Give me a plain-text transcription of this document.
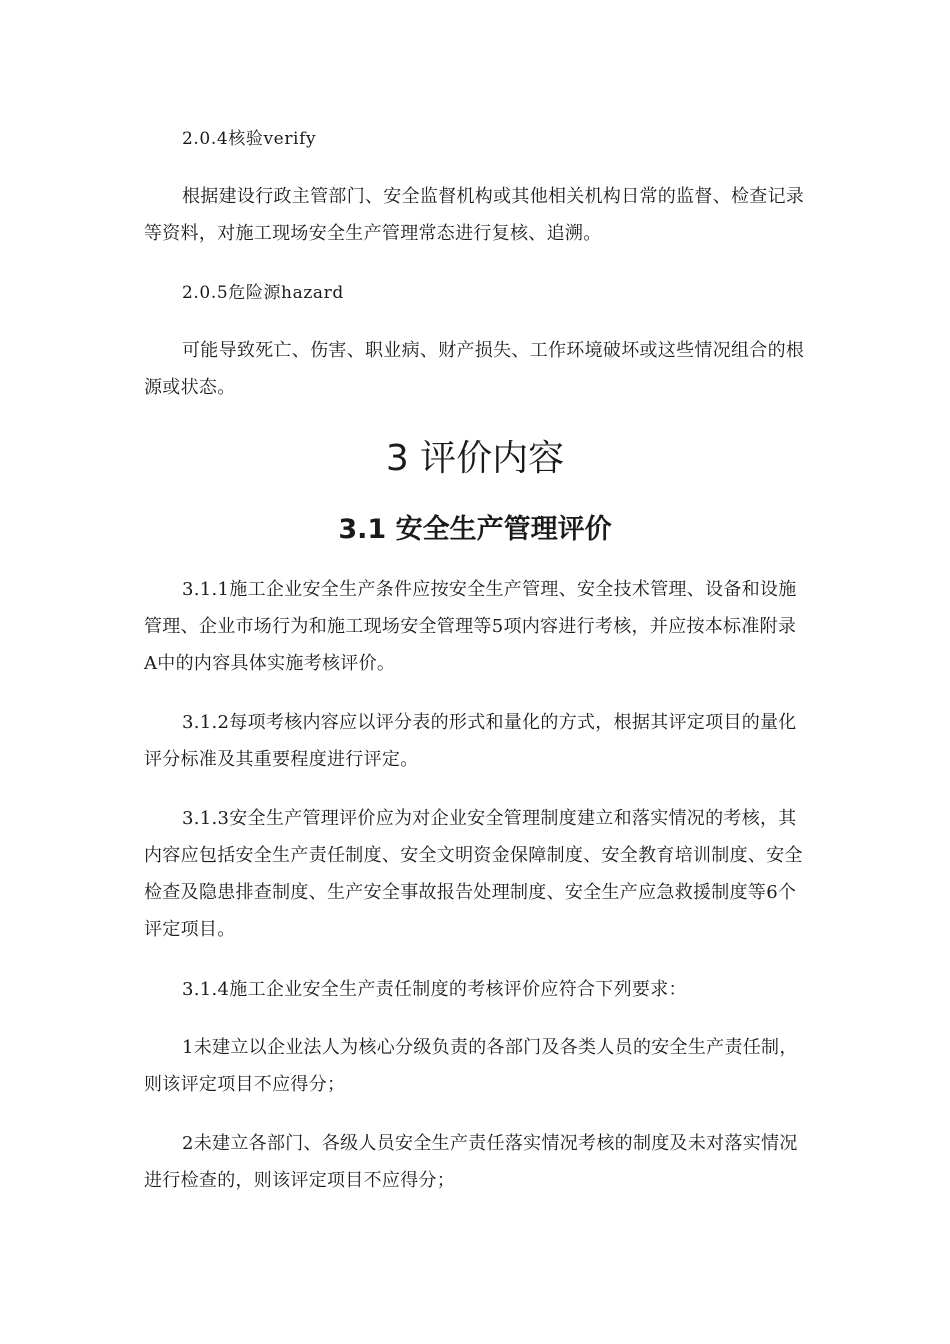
2.0.4核验verify

根据建设行政主管部门、安全监督机构或其他相关机构日常的监督、检查记录等资料，对施工现场安全生产管理常态进行复核、追溯。

2.0.5危险源hazard

可能导致死亡、伤害、职业病、财产损失、工作环境破坏或这些情况组合的根源或状态。

3 评价内容
3.1 安全生产管理评价

3.1.1施工企业安全生产条件应按安全生产管理、安全技术管理、设备和设施管理、企业市场行为和施工现场安全管理等5项内容进行考核，并应按本标准附录A中的内容具体实施考核评价。

3.1.2每项考核内容应以评分表的形式和量化的方式，根据其评定项目的量化评分标准及其重要程度进行评定。

3.1.3安全生产管理评价应为对企业安全管理制度建立和落实情况的考核，其内容应包括安全生产责任制度、安全文明资金保障制度、安全教育培训制度、安全检查及隐患排查制度、生产安全事故报告处理制度、安全生产应急救援制度等6个评定项目。

3.1.4施工企业安全生产责任制度的考核评价应符合下列要求：

1未建立以企业法人为核心分级负责的各部门及各类人员的安全生产责任制，则该评定项目不应得分；

2未建立各部门、各级人员安全生产责任落实情况考核的制度及未对落实情况进行检查的，则该评定项目不应得分；
